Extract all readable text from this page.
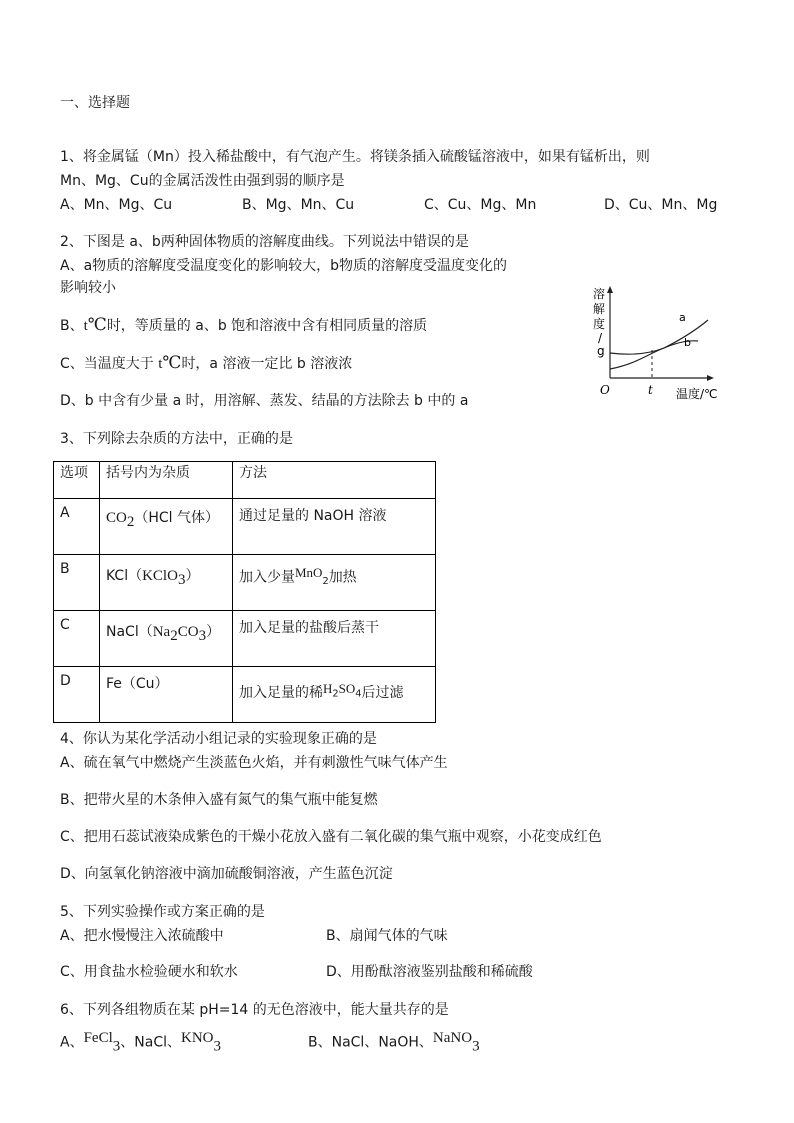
一、选择题
1、将金属锰（Mn）投入稀盐酸中，有气泡产生。将镁条插入硫酸锰溶液中，如果有锰析出，则
Mn、Mg、Cu的金属活泼性由强到弱的顺序是
A、Mn、Mg、Cu	B、Mg、Mn、Cu	C、Cu、Mg、Mn	D、Cu、Mn、Mg
2、下图是 a、b两种固体物质的溶解度曲线。下列说法中错误的是
A、a物质的溶解度受温度变化的影响较大，b物质的溶解度受温度变化的
影响较小
B、t℃时，等质量的 a、b 饱和溶液中含有相同质量的溶质
C、当温度大于 t℃时，a 溶液一定比 b 溶液浓
D、b 中含有少量 a 时，用溶解、蒸发、结晶的方法除去 b 中的 a
溶
解
度
/
g
a
b
O	t 温度/℃
3、下列除去杂质的方法中，正确的是
选项	括号内为杂质	方法
A	$CO_2(HCl$ 气体）	通过足量的 NaOH 溶液
B	KCl（KClO$_3$）	加入少量MnO$_2$加热
C	$NaCl(Na_2CO_3)$	加入足量的盐酸后蒸干
D	Fe（Cu）	加入足量的稀$H_2SO_4$后过滤
4、你认为某化学活动小组记录的实验现象正确的是
A、硫在氧气中燃烧产生淡蓝色火焰，并有刺激性气味气体产生
B、把带火星的木条伸入盛有氮气的集气瓶中能复燃
C、把用石蕊试液染成紫色的干燥小花放入盛有二氧化碳的集气瓶中观察，小花变成红色
D、向氢氧化钠溶液中滴加硫酸铜溶液，产生蓝色沉淀
5、下列实验操作或方案正确的是
A、把水慢慢注入浓硫酸中	B、扇闻气体的气味
C、用食盐水检验硬水和软水	D、用酚酞溶液鉴别盐酸和稀硫酸
6、下列各组物质在某 pH=14 的无色溶液中，能大量共存的是
A、FeCl$_3$、NaCl、$KNO_3$	B、NaCl、NaOH、NaNO$_3$
